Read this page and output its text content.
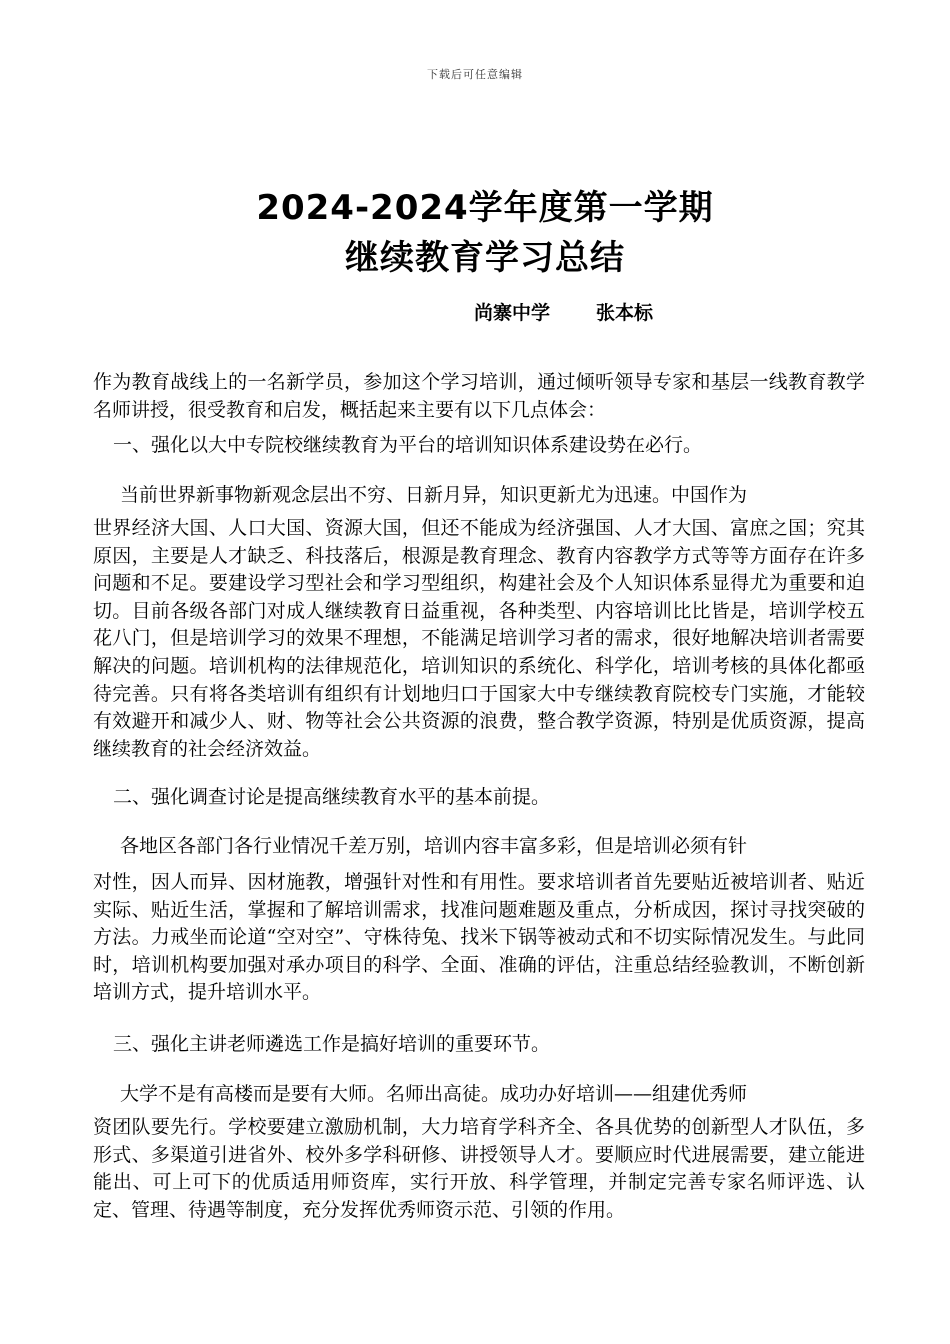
下载后可任意编辑
2024-2024学年度第一学期
继续教育学习总结
尚寨中学 张本标
作为教育战线上的一名新学员，参加这个学习培训，通过倾听领导专家和基层一线教育教学名师讲授，很受教育和启发，概括起来主要有以下几点体会：
一、强化以大中专院校继续教育为平台的培训知识体系建设势在必行。
当前世界新事物新观念层出不穷、日新月异，知识更新尤为迅速。中国作为
世界经济大国、人口大国、资源大国，但还不能成为经济强国、人才大国、富庶之国；究其原因，主要是人才缺乏、科技落后，根源是教育理念、教育内容教学方式等等方面存在许多问题和不足。要建设学习型社会和学习型组织，构建社会及个人知识体系显得尤为重要和迫切。目前各级各部门对成人继续教育日益重视，各种类型、内容培训比比皆是，培训学校五花八门，但是培训学习的效果不理想，不能满足培训学习者的需求，很好地解决培训者需要解决的问题。培训机构的法律规范化，培训知识的系统化、科学化，培训考核的具体化都亟待完善。只有将各类培训有组织有计划地归口于国家大中专继续教育院校专门实施，才能较有效避开和减少人、财、物等社会公共资源的浪费，整合教学资源，特别是优质资源，提高继续教育的社会经济效益。
二、强化调查讨论是提高继续教育水平的基本前提。
各地区各部门各行业情况千差万别，培训内容丰富多彩，但是培训必须有针
对性，因人而异、因材施教，增强针对性和有用性。要求培训者首先要贴近被培训者、贴近实际、贴近生活，掌握和了解培训需求，找准问题难题及重点，分析成因，探讨寻找突破的方法。力戒坐而论道“空对空”、守株待兔、找米下锅等被动式和不切实际情况发生。与此同时，培训机构要加强对承办项目的科学、全面、准确的评估，注重总结经验教训，不断创新培训方式，提升培训水平。
三、强化主讲老师遴选工作是搞好培训的重要环节。
大学不是有高楼而是要有大师。名师出高徒。成功办好培训——组建优秀师
资团队要先行。学校要建立激励机制，大力培育学科齐全、各具优势的创新型人才队伍，多形式、多渠道引进省外、校外多学科研修、讲授领导人才。要顺应时代进展需要，建立能进能出、可上可下的优质适用师资库，实行开放、科学管理，并制定完善专家名师评选、认定、管理、待遇等制度，充分发挥优秀师资示范、引领的作用。
